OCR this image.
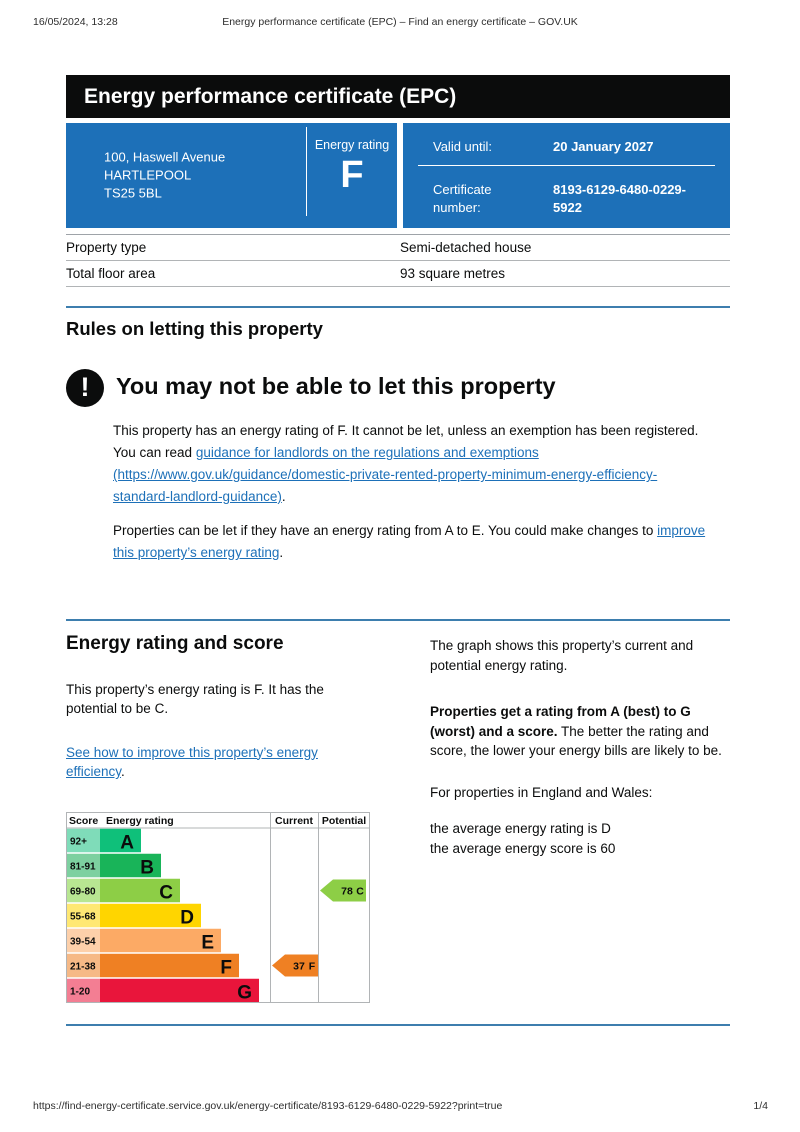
16/05/2024, 13:28	Energy performance certificate (EPC) – Find an energy certificate – GOV.UK
Energy performance certificate (EPC)
100, Haswell Avenue
HARTLEPOOL
TS25 5BL
Energy rating
F
Valid until:	20 January 2027
Certificate number:
8193-6129-6480-0229-5922
Property type	Semi-detached house
Total floor area	93 square metres
Rules on letting this property
!	You may not be able to let this property

This property has an energy rating of F. It cannot be let, unless an exemption has been registered. You can read guidance for landlords on the regulations and exemptions (https://www.gov.uk/guidance/domestic-private-rented-property-minimum-energy-efficiency-standard-landlord-guidance).

Properties can be let if they have an energy rating from A to E. You could make changes to improve this property’s energy rating.

Energy rating and score

This property’s energy rating is F. It has the potential to be C.

See how to improve this property’s energy efficiency.

The graph shows this property’s current and potential energy rating.

Properties get a rating from A (best) to G (worst) and a score. The better the rating and score, the lower your energy bills are likely to be.

For properties in England and Wales:

the average energy rating is D
the average energy score is 60

92+ A
81-91 B
69-80	C
55-68	D
39-54	E
21-38	F
1-20	G
Score Energy rating	Current Potential
37 F
78 C
https://find-energy-certificate.service.gov.uk/energy-certificate/8193-6129-6480-0229-5922?print=true	1/4
